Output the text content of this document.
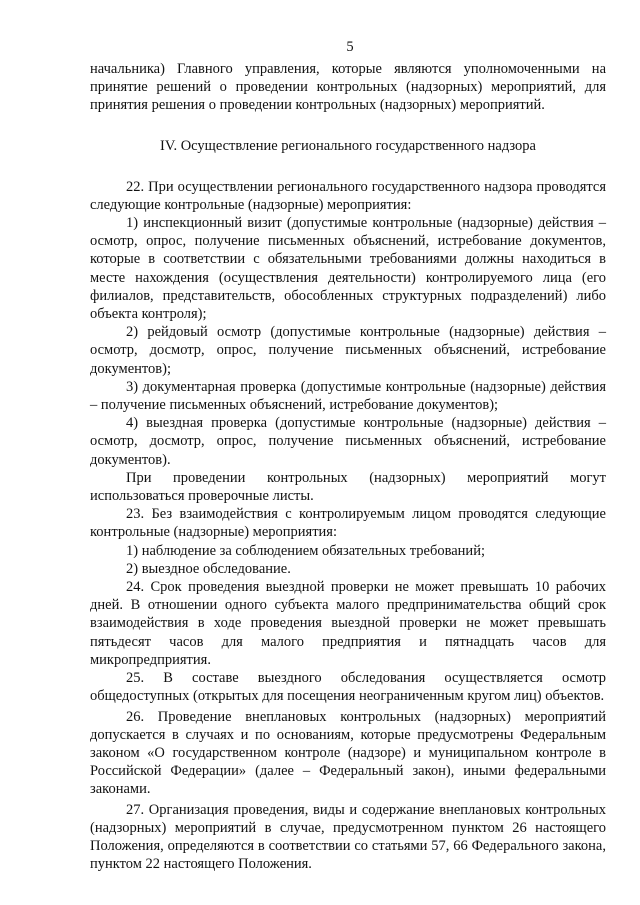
5

начальника) Главного управления, которые являются уполномоченными на принятие решений о проведении контрольных (надзорных) мероприятий, для принятия решения о проведении контрольных (надзорных) мероприятий.

IV. Осуществление регионального государственного надзора

22. При осуществлении регионального государственного надзора проводятся следующие контрольные (надзорные) мероприятия:

1) инспекционный визит (допустимые контрольные (надзорные) действия – осмотр, опрос, получение письменных объяснений, истребование документов, которые в соответствии с обязательными требованиями должны находиться в месте нахождения (осуществления деятельности) контролируемого лица (его филиалов, представительств, обособленных структурных подразделений) либо объекта контроля);

2) рейдовый осмотр (допустимые контрольные (надзорные) действия – осмотр, досмотр, опрос, получение письменных объяснений, истребование документов);

3) документарная проверка (допустимые контрольные (надзорные) действия – получение письменных объяснений, истребование документов);

4) выездная проверка (допустимые контрольные (надзорные) действия – осмотр, досмотр, опрос, получение письменных объяснений, истребование документов).

При проведении контрольных (надзорных) мероприятий могут использоваться проверочные листы.

23. Без взаимодействия с контролируемым лицом проводятся следующие контрольные (надзорные) мероприятия:

1) наблюдение за соблюдением обязательных требований;

2) выездное обследование.

24. Срок проведения выездной проверки не может превышать 10 рабочих дней. В отношении одного субъекта малого предпринимательства общий срок взаимодействия в ходе проведения выездной проверки не может превышать пятьдесят часов для малого предприятия и пятнадцать часов для микропредприятия.

25. В составе выездного обследования осуществляется осмотр общедоступных (открытых для посещения неограниченным кругом лиц) объектов.

26. Проведение внеплановых контрольных (надзорных) мероприятий допускается в случаях и по основаниям, которые предусмотрены Федеральным законом «О государственном контроле (надзоре) и муниципальном контроле в Российской Федерации» (далее – Федеральный закон), иными федеральными законами.

27. Организация проведения, виды и содержание внеплановых контрольных (надзорных) мероприятий в случае, предусмотренном пунктом 26 настоящего Положения, определяются в соответствии со статьями 57, 66 Федерального закона, пунктом 22 настоящего Положения.
